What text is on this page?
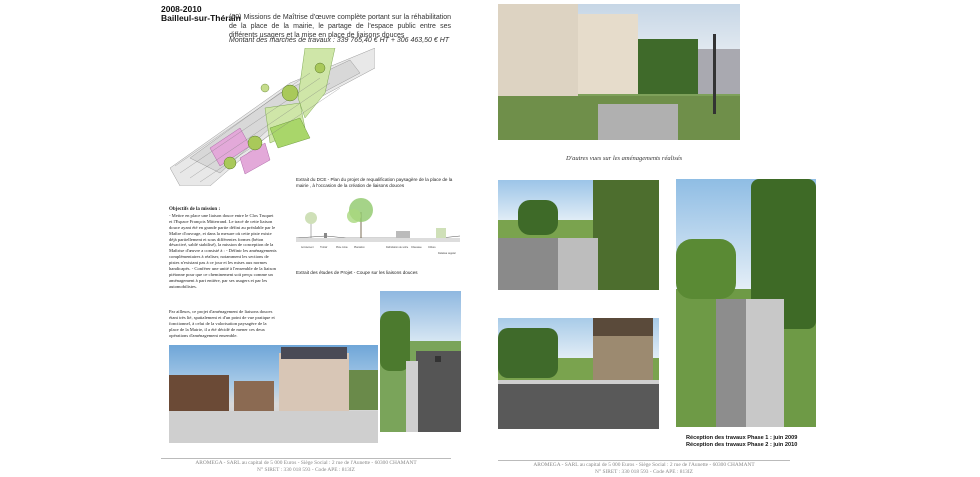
2008-2010
Bailleul-sur-Thérain
(60) Missions de Maîtrise d'œuvre complète portant sur la réhabilitation de la place de la mairie, le partage de l'espace public entre ses différents usagers et la mise en place de liaisons douces
Montant des marchés de travaux : 339 765,40 € HT + 306 463,50 € HT
Extrait du DCE - Plan du projet de requalification paysagère de la place de la mairie , à l'occasion de la création de liaisons douces
Accotement	Trottoir	Piste mixte	Plantation	Délimitation de voirie Chaussée	Clôture
Délaissé végétal
Extrait des études de Projet - Coupe sur les liaisons douces
Objectifs de la mission :
- Mettre en place une liaison douce entre le Clos Truquet et l'Espace François Mitterrand. Le tracé de cette liaison douce ayant été en grande partie défini au préalable par le Maître d'ouvrage, et dans la mesure où cette piste existe déjà partiellement et sous différentes formes (béton désactivé, sablé stabilisé), la mission de conception de la Maîtrise d'œuvre a consisté à : - Définir les aménagements complémentaires à réaliser, notamment les sections de pistes n'existant pas à ce jour et les mises aux normes handicapés. - Conférer une unité à l'ensemble de la liaison piétonne pour que ce cheminement soit perçu comme un aménagement à part entière, par ses usagers et par les automobilistes.
Par ailleurs, ce projet d'aménagement de liaisons douces étant très lié, spatialement et d'un point de vue pratique et fonctionnel, à celui de la valorisation paysagère de la place de la Mairie, il a été décidé de mener ces deux opérations d'aménagement ensemble.
AROMEGA - SARL au capital de 5 000 Euros - Siège Social : 2 rue de l'Aunette - 60300 CHAMANT
N° SIRET : 330 018 593 - Code APE : 813IZ
D'autres vues sur les aménagements réalisés
Réception des travaux Phase 1 : juin 2009
Réception des travaux Phase 2 : juin 2010
AROMEGA - SARL au capital de 5 000 Euros - Siège Social : 2 rue de l'Aunette - 60300 CHAMANT
N° SIRET : 330 018 593 - Code APE : 813IZ
